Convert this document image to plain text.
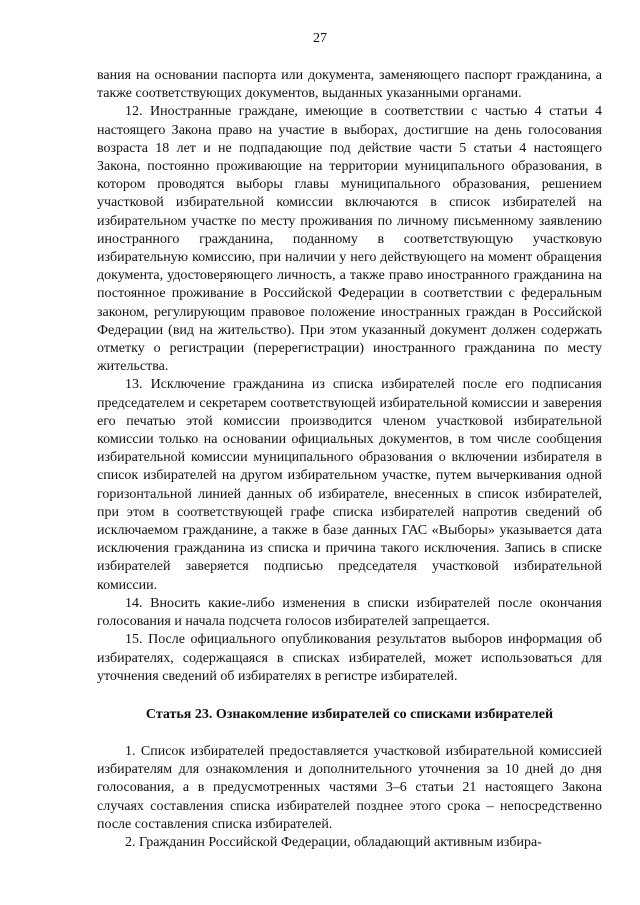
27

вания на основании паспорта или документа, заменяющего паспорт гражданина, а также соответствующих документов, выданных указанными органами.

12. Иностранные граждане, имеющие в соответствии с частью 4 статьи 4 настоящего Закона право на участие в выборах, достигшие на день голосования возраста 18 лет и не подпадающие под действие части 5 статьи 4 настоящего Закона, постоянно проживающие на территории муниципального образования, в котором проводятся выборы главы муниципального образования, решением участковой избирательной комиссии включаются в список избирателей на избирательном участке по месту проживания по личному письменному заявлению иностранного гражданина, поданному в соответствующую участковую избирательную комиссию, при наличии у него действующего на момент обращения документа, удостоверяющего личность, а также право иностранного гражданина на постоянное проживание в Российской Федерации в соответствии с федеральным законом, регулирующим правовое положение иностранных граждан в Российской Федерации (вид на жительство). При этом указанный документ должен содержать отметку о регистрации (перерегистрации) иностранного гражданина по месту жительства.

13. Исключение гражданина из списка избирателей после его подписания председателем и секретарем соответствующей избирательной комиссии и заверения его печатью этой комиссии производится членом участковой избирательной комиссии только на основании официальных документов, в том числе сообщения избирательной комиссии муниципального образования о включении избирателя в список избирателей на другом избирательном участке, путем вычеркивания одной горизонтальной линией данных об избирателе, внесенных в список избирателей, при этом в соответствующей графе списка избирателей напротив сведений об исключаемом гражданине, а также в базе данных ГАС «Выборы» указывается дата исключения гражданина из списка и причина такого исключения. Запись в списке избирателей заверяется подписью председателя участковой избирательной комиссии.

14. Вносить какие-либо изменения в списки избирателей после окончания голосования и начала подсчета голосов избирателей запрещается.

15. После официального опубликования результатов выборов информация об избирателях, содержащаяся в списках избирателей, может использоваться для уточнения сведений об избирателях в регистре избирателей.

Статья 23. Ознакомление избирателей со списками избирателей

1. Список избирателей предоставляется участковой избирательной комиссией избирателям для ознакомления и дополнительного уточнения за 10 дней до дня голосования, а в предусмотренных частями 3–6 статьи 21 настоящего Закона случаях составления списка избирателей позднее этого срока – непосредственно после составления списка избирателей.

2. Гражданин Российской Федерации, обладающий активным избира-
